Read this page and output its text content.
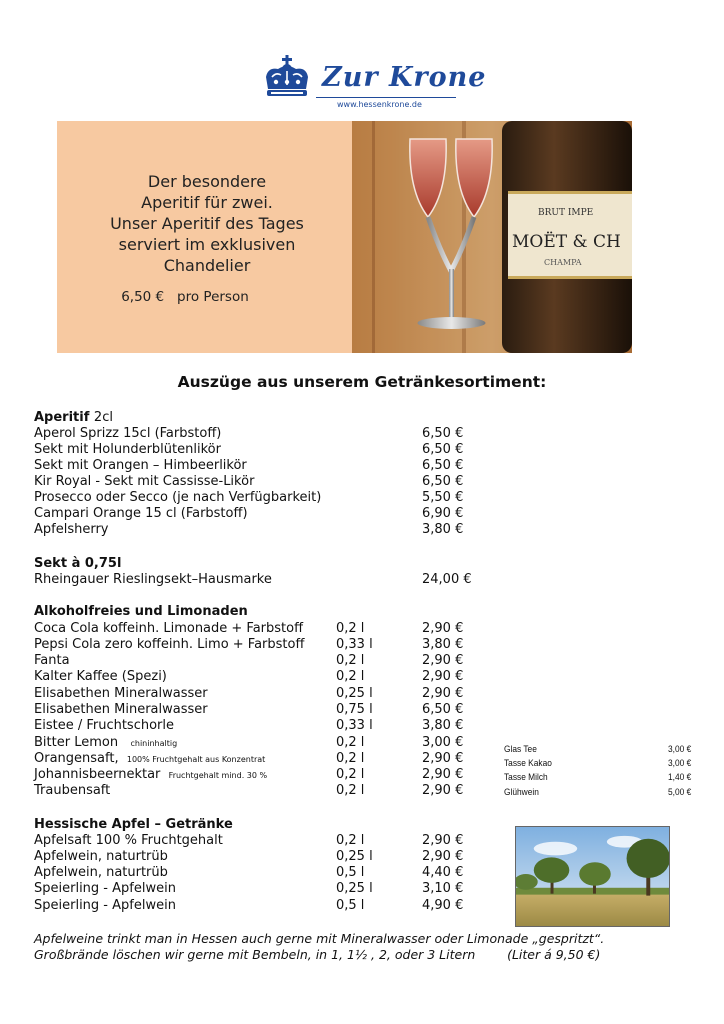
Zur Krone
www.hessenkrone.de
Der besondere
Aperitif für zwei.
Unser Aperitif des Tages
serviert im exklusiven
Chandelier
6,50 € pro Person
BRUT IMPE
MOËT & CH
CHAMPA
Auszüge aus unserem Getränkesortiment:
Aperitif 2cl
Aperol Sprizz 15cl (Farbstoff)	6,50 €
Sekt mit Holunderblütenlikör	6,50 €
Sekt mit Orangen – Himbeerlikör	6,50 €
Kir Royal - Sekt mit Cassisse-Likör	6,50 €
Prosecco oder Secco (je nach Verfügbarkeit)	5,50 €
Campari Orange 15 cl (Farbstoff)	6,90 €
Apfelsherry	3,80 €
Sekt à 0,75l
Rheingauer Rieslingsekt–Hausmarke	24,00 €
Alkoholfreies und Limonaden
Coca Cola koffeinh. Limonade + Farbstoff	0,2 l	2,90 €
Pepsi Cola zero koffeinh. Limo + Farbstoff 0,33 l	3,80 €
Fanta	0,2 l	2,90 €
Kalter Kaffee (Spezi)	0,2 l	2,90 €
Elisabethen Mineralwasser	0,25 l	2,90 €
Elisabethen Mineralwasser	0,75 l	6,50 €
Eistee / Fruchtschorle	0,33 l	3,80 €
Bitter Lemon chininhaltig	0,2 l	3,00 €
Orangensaft, 100% Fruchtgehalt aus Konzentrat	0,2 l	2,90 €
Johannisbeernektar Fruchtgehalt mind. 30 %	0,2 l	2,90 €
Traubensaft	0,2 l	2,90 €
Glas Tee	3,00 €
Tasse Kakao	3,00 €
Tasse Milch	1,40 €
Glühwein	5,00 €
Hessische Apfel – Getränke
Apfelsaft 100 % Fruchtgehalt	0,2 l	2,90 €
Apfelwein, naturtrüb	0,25 l	2,90 €
Apfelwein, naturtrüb	0,5 l	4,40 €
Speierling - Apfelwein	0,25 l	3,10 €
Speierling - Apfelwein	0,5 l	4,90 €
Apfelweine trinkt man in Hessen auch gerne mit Mineralwasser oder Limonade „gespritzt“.
Großbrände löschen wir gerne mit Bembeln, in 1, 1½ , 2, oder 3 Litern	(Liter á 9,50 €)
